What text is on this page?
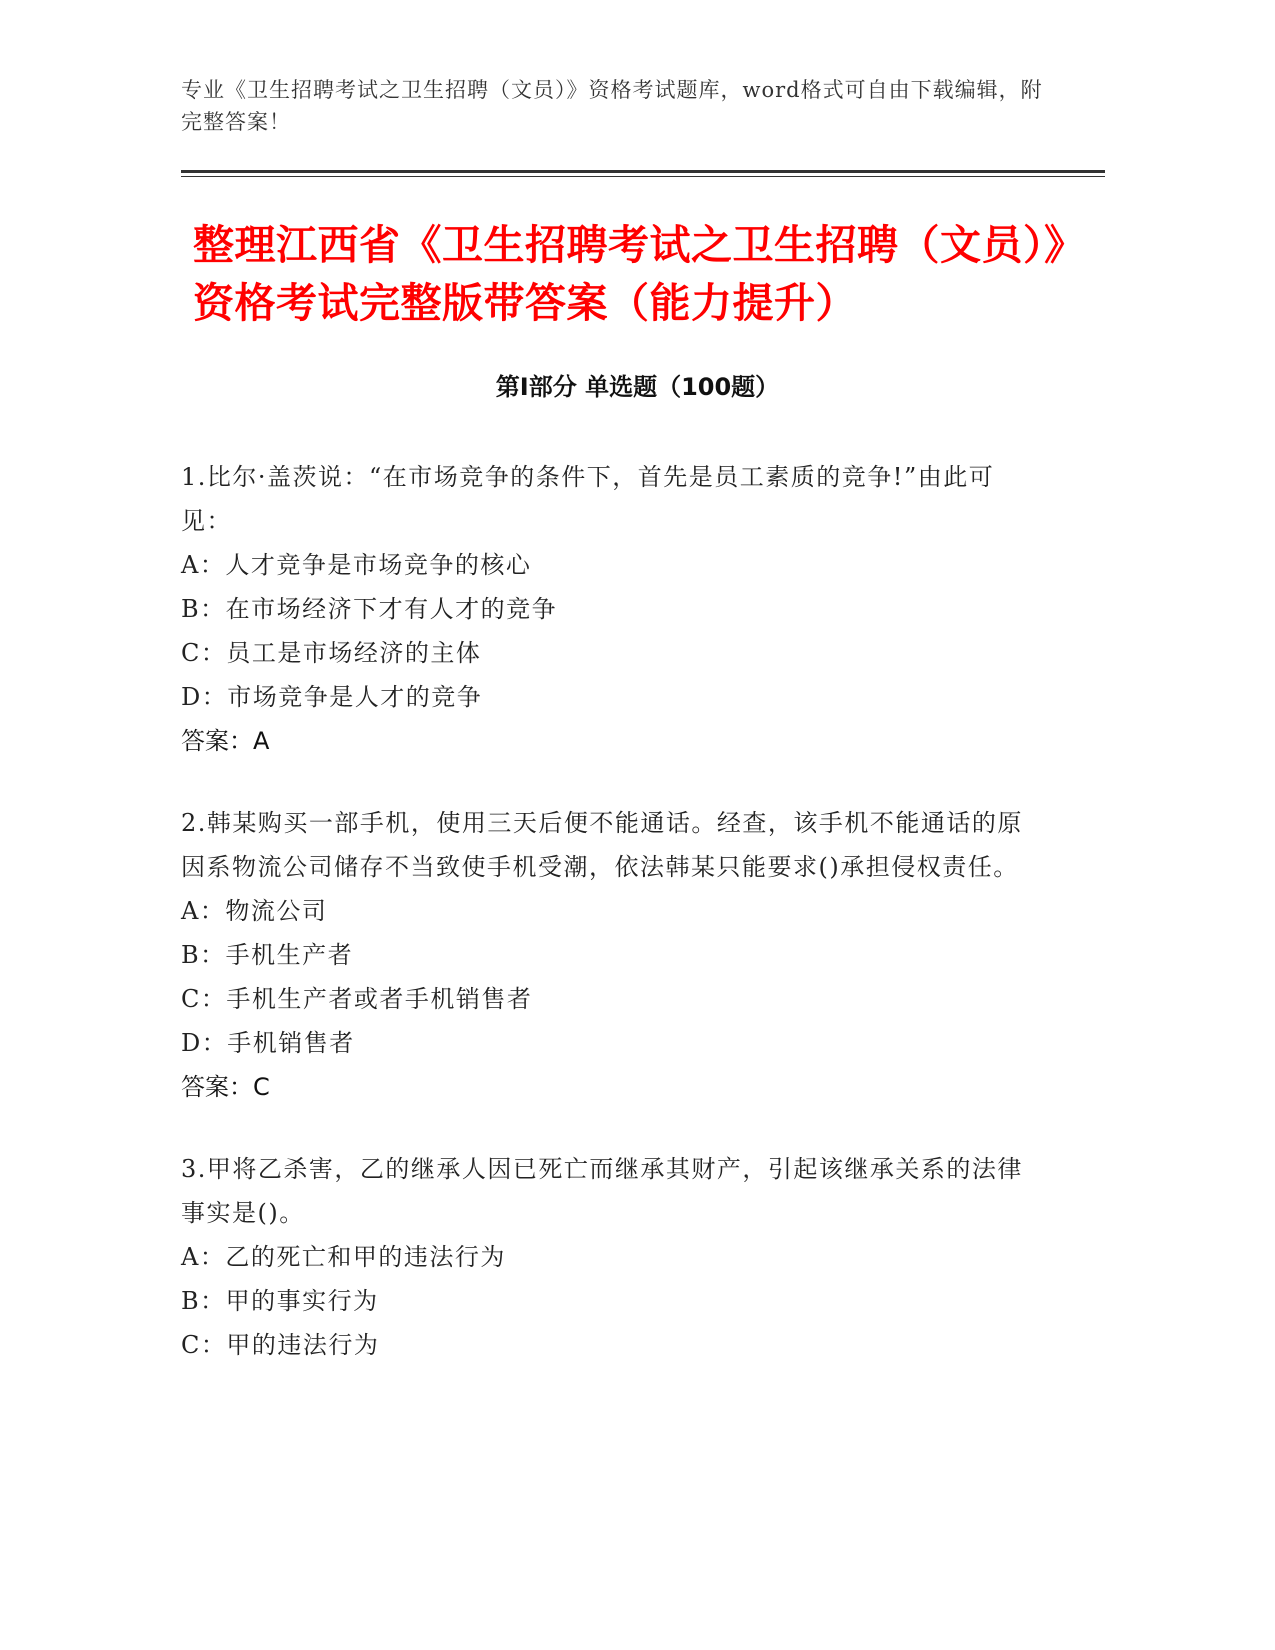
专业《卫生招聘考试之卫生招聘（文员）》资格考试题库，word格式可自由下载编辑，附完整答案！
整理江西省《卫生招聘考试之卫生招聘（文员）》资格考试完整版带答案（能力提升）
第Ⅰ部分 单选题（100题）
1.比尔·盖茨说：“在市场竞争的条件下，首先是员工素质的竞争!”由此可见：
A：人才竞争是市场竞争的核心
B：在市场经济下才有人才的竞争
C：员工是市场经济的主体
D：市场竞争是人才的竞争
答案：A
2.韩某购买一部手机，使用三天后便不能通话。经查，该手机不能通话的原因系物流公司储存不当致使手机受潮，依法韩某只能要求()承担侵权责任。
A：物流公司
B：手机生产者
C：手机生产者或者手机销售者
D：手机销售者
答案：C
3.甲将乙杀害，乙的继承人因已死亡而继承其财产，引起该继承关系的法律事实是()。
A：乙的死亡和甲的违法行为
B：甲的事实行为
C：甲的违法行为
